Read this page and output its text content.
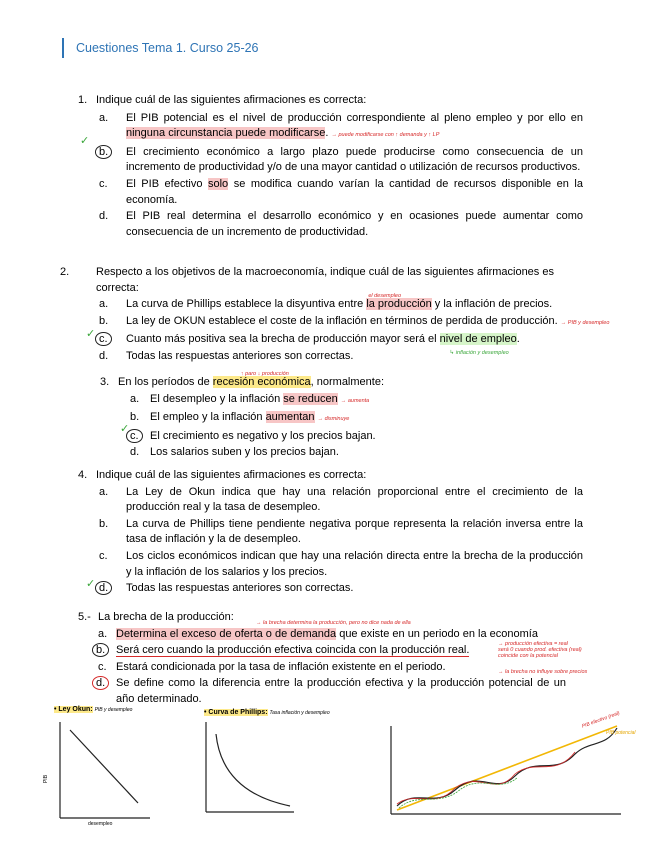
Cuestiones Tema 1. Curso 25-26
1. Indique cuál de las siguientes afirmaciones es correcta:
a. El PIB potencial es el nivel de producción correspondiente al pleno empleo y por ello en ninguna circunstancia puede modificarse. → puede modificarse con ↑ demanda y ↑ LP
b.	El crecimiento económico a largo plazo puede producirse como consecuencia de un incremento de productividad y/o de una mayor cantidad o utilización de recursos productivos.
c. El PIB efectivo solo se modifica cuando varían la cantidad de recursos disponible en la economía.
d. El PIB real determina el desarrollo económico y en ocasiones puede aumentar como consecuencia de un incremento de productividad.
✓
2. Respecto a los objetivos de la macroeconomía, indique cuál de las siguientes afirmaciones es correcta:
a. La curva de Phillips establece la disyuntiva entre la producción
el desempleo
y la inflación de precios.
b. La ley de OKUN establece el coste de la inflación en términos de perdida de producción. → PIB y desempleo
c.	Cuanto más positiva sea la brecha de producción mayor será el nivel de empleo
↳ inflación y desempleo
.
d. Todas las respuestas anteriores son correctas.
✓
3. En los períodos de recesión económica
↑ paro ↓ producción
, normalmente:
a. El desempleo y la inflación se reducen → aumenta
b. El empleo y la inflación aumentan → disminuye
c.	El crecimiento es negativo y los precios bajan.
d. Los salarios suben y los precios bajan.
✓
4. Indique cuál de las siguientes afirmaciones es correcta:
a. La Ley de Okun indica que hay una relación proporcional entre el crecimiento de la producción real y la tasa de desempleo.
b. La curva de Phillips tiene pendiente negativa porque representa la relación inversa entre la tasa de inflación y la de desempleo.
c. Los ciclos económicos indican que hay una relación directa entre la brecha de la producción y la inflación de los salarios y los precios.
d.	Todas las respuestas anteriores son correctas.
✓
5.- La brecha de la producción:	→ la brecha determina la producción, pero no dice nada de ella
a. Determina el exceso de oferta o de demanda que existe en un periodo en la economía
b. Será cero cuando la producción efectiva coincida con la producción real.	→ producción efectiva = real
será 0 cuando prod. efectiva (real)
coincide con la potencial
c. Estará condicionada por la tasa de inflación existente en el periodo.	→ la brecha no influye sobre precios
d. Se define como la diferencia entre la producción efectiva y la producción potencial de un año determinado.
• Ley Okun: PIB y desempleo
PIB
desempleo
• Curva de Phillips: Tasa inflación y desempleo	PIB efectivo (real)
PIB potencial
